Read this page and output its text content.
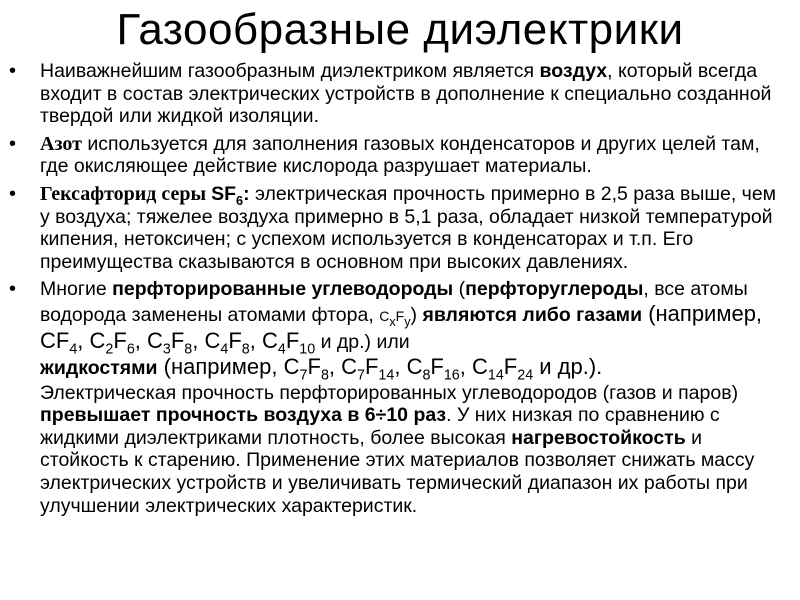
Газообразные диэлектрики
• Наиважнейшим газообразным диэлектриком является воздух, который всегда входит в состав электрических устройств в дополнение к специально созданной твердой или жидкой изоляции.
• Азот используется для заполнения газовых конденсаторов и других целей там, где окисляющее действие кислорода разрушает материалы.
• Гексафторид серы $SF_6$: электрическая прочность примерно в 2,5 раза выше, чем у воздуха; тяжелее воздуха примерно в 5,1 раза, обладает низкой температурой кипения, нетоксичен; с успехом используется в конденсаторах и т.п. Его преимущества сказываются в основном при высоких давлениях.
• Многие перфторированные углеводороды (перфторуглероды, все атомы водорода заменены атомами фтора, $C_xF_y$) являются либо газами (например, $CF_4$, $C_2F_6$, $C_3F_8$, $C_4F_8$, $C_4F_{10}$ и др.) или
жидкостями (например, $C_7F_8$, $C_7F_{14}$, $C_8F_{16}$, $C_{14}F_{24}$ и др.).
Электрическая прочность перфторированных углеводородов (газов и паров) превышает прочность воздуха в 6÷10 раз. У них низкая по сравнению с жидкими диэлектриками плотность, более высокая нагревостойкость и стойкость к старению. Применение этих материалов позволяет снижать массу электрических устройств и увеличивать термический диапазон их работы при улучшении электрических характеристик.
